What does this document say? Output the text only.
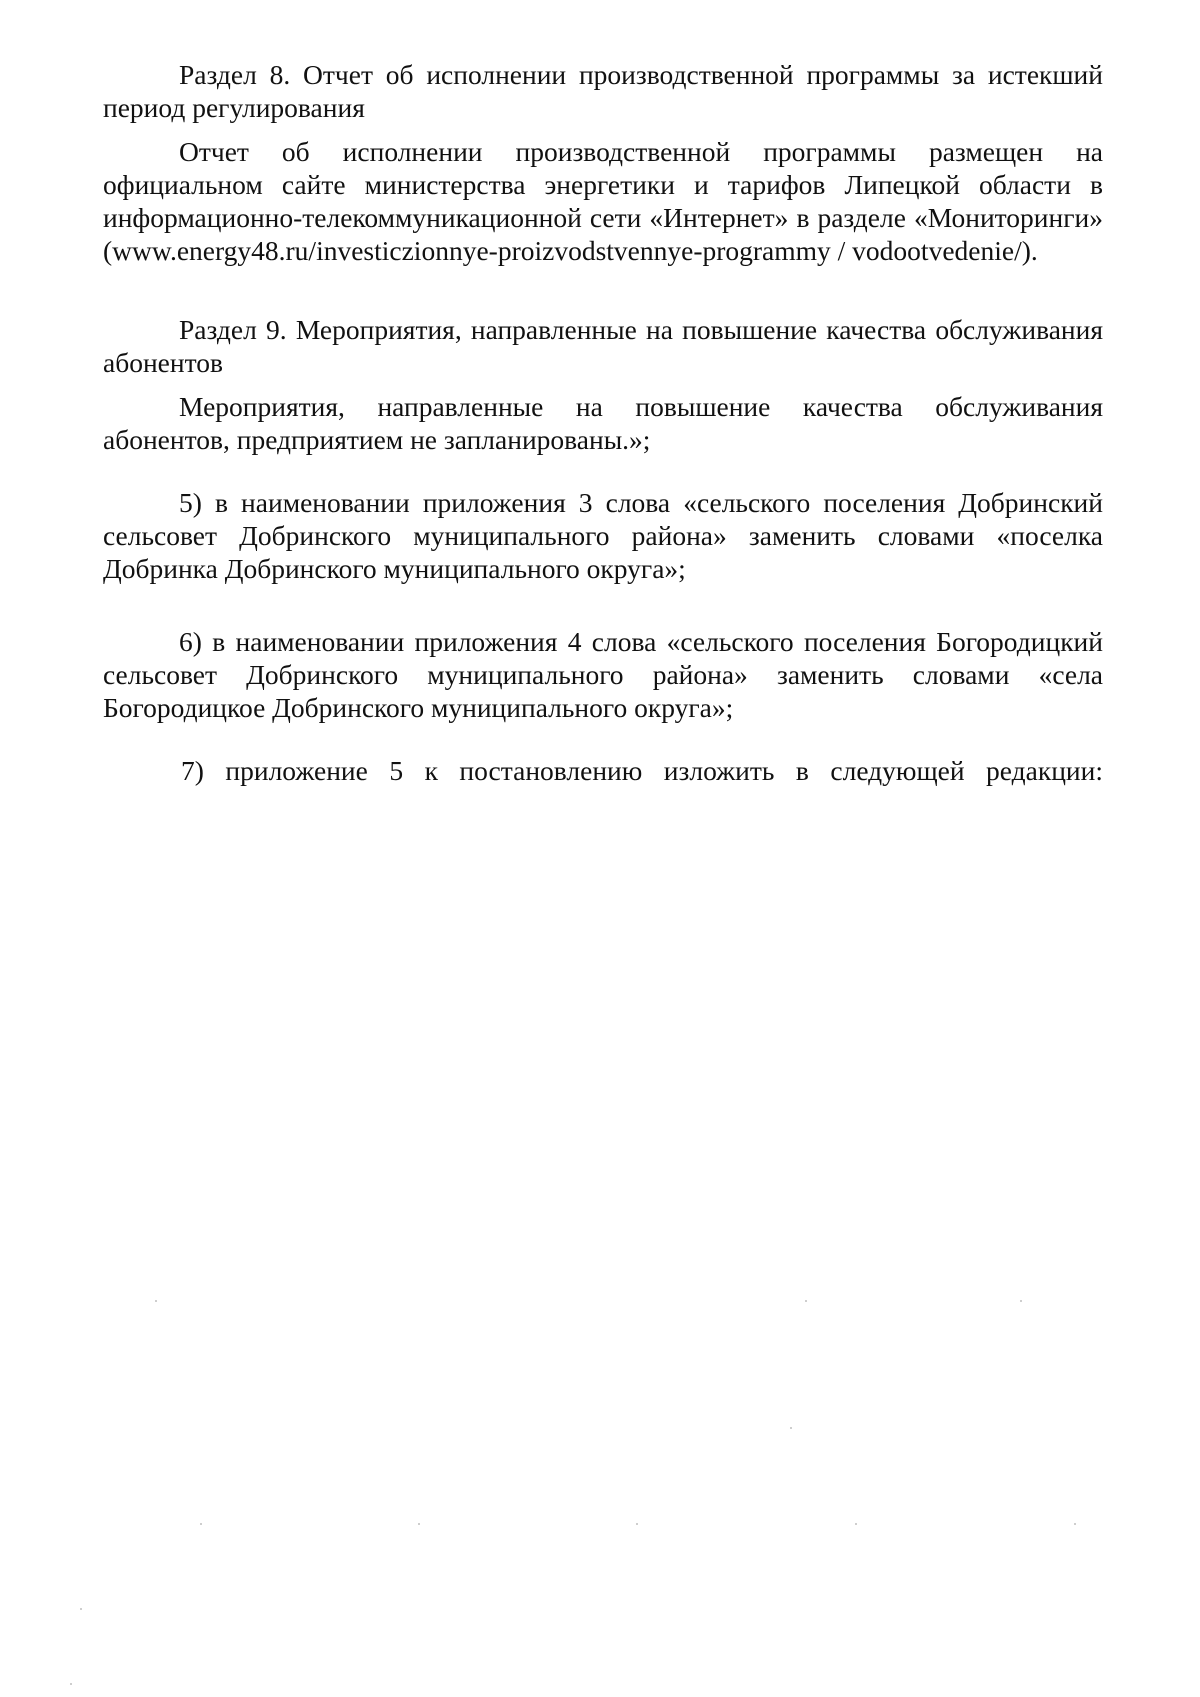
Раздел 8. Отчет об исполнении производственной программы за истекший период регулирования

Отчет об исполнении производственной программы размещен на официальном сайте министерства энергетики и тарифов Липецкой области в информационно-телекоммуникационной сети «Интернет» в разделе «Мониторинги» (www.energy48.ru/investiczionnye-proizvodstvennye-programmy / vodootvedenie/).

Раздел 9. Мероприятия, направленные на повышение качества обслуживания абонентов

Мероприятия, направленные на повышение качества обслуживания абонентов, предприятием не запланированы.»;

5) в наименовании приложения 3 слова «сельского поселения Добринский сельсовет Добринского муниципального района» заменить словами «поселка Добринка Добринского муниципального округа»;

6) в наименовании приложения 4 слова «сельского поселения Богородицкий сельсовет Добринского муниципального района» заменить словами «села Богородицкое Добринского муниципального округа»;

7) приложение 5 к постановлению изложить в следующей редакции:
